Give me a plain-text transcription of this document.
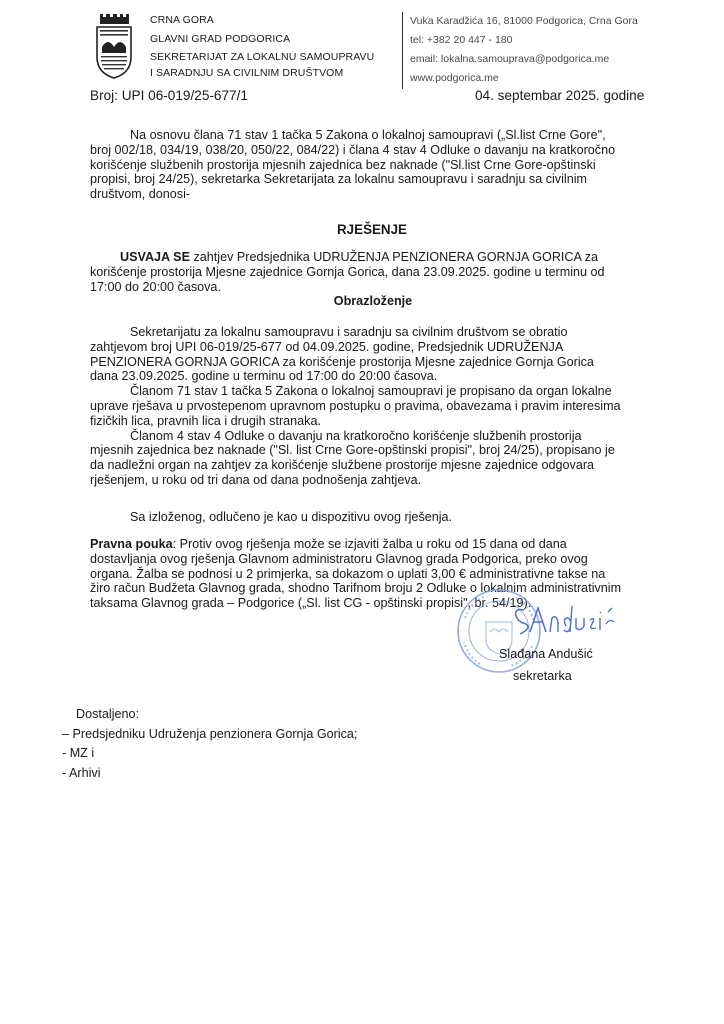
CRNA GORA
GLAVNI GRAD PODGORICA
SEKRETARIJAT ZA LOKALNU SAMOUPRAVU
I SARADNJU SA CIVILNIM DRUŠTVOM
Vuka Karadžića 16, 81000 Podgorica, Crna Gora
tel: +382 20 447 - 180
email: lokalna.samouprava@podgorica.me
www.podgorica.me
Broj: UPI 06-019/25-677/1	04. septembar 2025. godine
Na osnovu člana 71 stav 1 tačka 5 Zakona o lokalnoj samoupravi („Sl.list Crne Gore",
broj 002/18, 034/19, 038/20, 050/22, 084/22) i člana 4 stav 4 Odluke o davanju na kratkoročno
korišćenje službenih prostorija mjesnih zajednica bez naknade ("Sl.list Crne Gore-opštinski
propisi, broj 24/25), sekretarka Sekretarijata za lokalnu samoupravu i saradnju sa civilnim
društvom, donosi-
RJEŠENJE
USVAJA SE zahtjev Predsjednika UDRUŽENJA PENZIONERA GORNJA GORICA za
korišćenje prostorija Mjesne zajednice Gornja Gorica, dana 23.09.2025. godine u terminu od
17:00 do 20:00 časova.
Obrazloženje
Sekretarijatu za lokalnu samoupravu i saradnju sa civilnim društvom se obratio
zahtjevom broj UPI 06-019/25-677 od 04.09.2025. godine, Predsjednik UDRUŽENJA
PENZIONERA GORNJA GORICA za korišćenje prostorija Mjesne zajednice Gornja Gorica
dana 23.09.2025. godine u terminu od 17:00 do 20:00 časova.
Članom 71 stav 1 tačka 5 Zakona o lokalnoj samoupravi je propisano da organ lokalne
uprave rješava u prvostepenom upravnom postupku o pravima, obavezama i pravim interesima
fizičkih lica, pravnih lica i drugih stranaka.
Članom 4 stav 4 Odluke o davanju na kratkoročno korišćenje službenih prostorija
mjesnih zajednica bez naknade ("Sl. list Crne Gore-opštinski propisi", broj 24/25), propisano je
da nadležni organ na zahtjev za korišćenje službene prostorije mjesne zajednice odgovara
rješenjem, u roku od tri dana od dana podnošenja zahtjeva.
Sa izloženog, odlučeno je kao u dispozitivu ovog rješenja.
Pravna pouka: Protiv ovog rješenja može se izjaviti žalba u roku od 15 dana od dana
dostavljanja ovog rješenja Glavnom administratoru Glavnog grada Podgorica, preko ovog
organa. Žalba se podnosi u 2 primjerka, sa dokazom o uplati 3,00 € administrativne takse na
žiro račun Budžeta Glavnog grada, shodno Tarifnom broju 2 Odluke o lokalnim administrativnim
taksama Glavnog grada – Podgorice („Sl. list CG - opštinski propisi", br. 54/19).
Slađana Andušić
sekretarka
Dostaljeno:
– Predsjedniku Udruženja penzionera Gornja Gorica;
- MZ i
- Arhivi
